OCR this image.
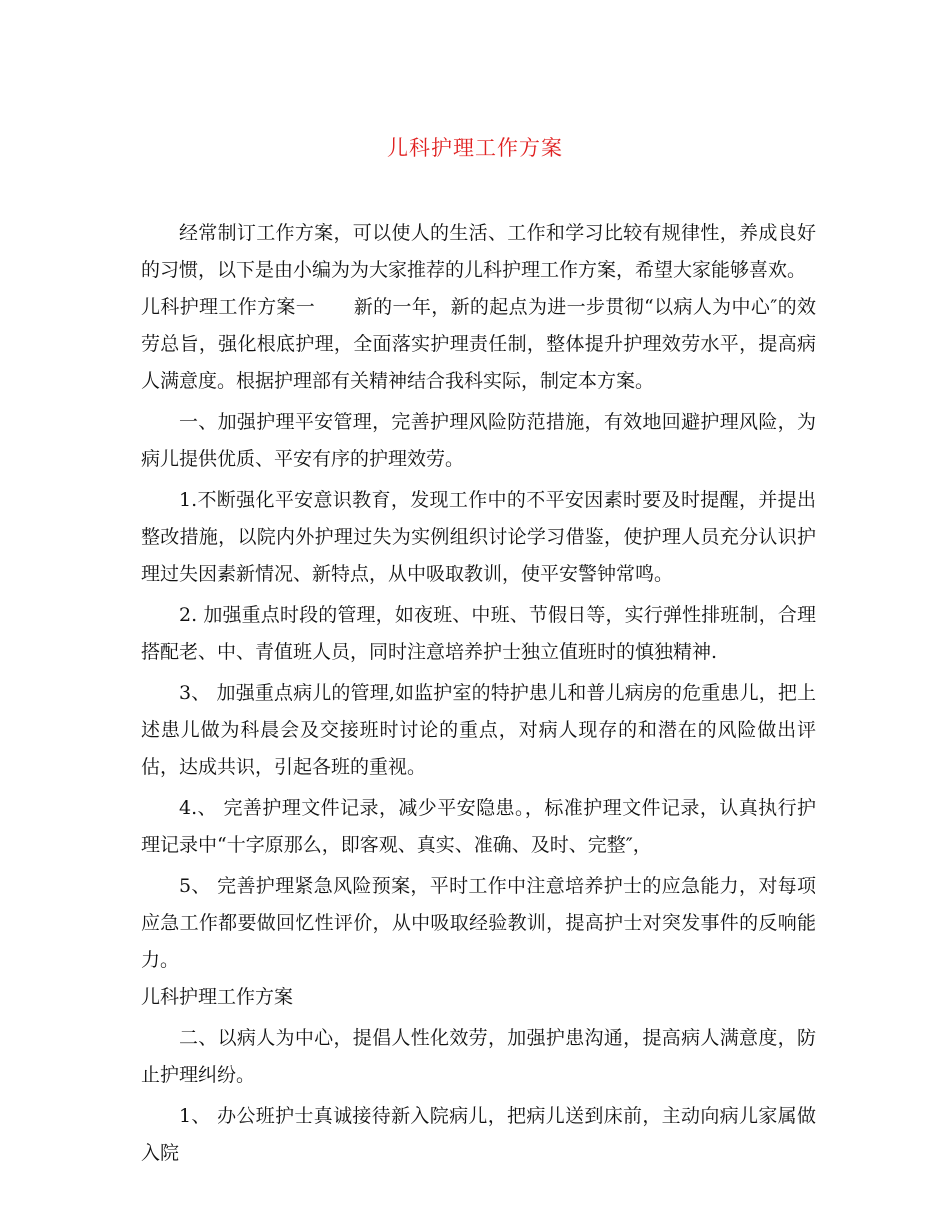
儿科护理工作方案

经常制订工作方案，可以使人的生活、工作和学习比较有规律性，养成良好的习惯，以下是由小编为为大家推荐的儿科护理工作方案，希望大家能够喜欢。

儿科护理工作方案一　　新的一年，新的起点为进一步贯彻“以病人为中心″的效劳总旨，强化根底护理，全面落实护理责任制，整体提升护理效劳水平，提高病人满意度。根据护理部有关精神结合我科实际，制定本方案。

一、加强护理平安管理，完善护理风险防范措施，有效地回避护理风险，为病儿提供优质、平安有序的护理效劳。

1.不断强化平安意识教育，发现工作中的不平安因素时要及时提醒，并提出整改措施，以院内外护理过失为实例组织讨论学习借鉴，使护理人员充分认识护理过失因素新情况、新特点，从中吸取教训，使平安警钟常鸣。

2. 加强重点时段的管理，如夜班、中班、节假日等，实行弹性排班制，合理搭配老、中、青值班人员，同时注意培养护士独立值班时的慎独精神.

3、 加强重点病儿的管理,如监护室的特护患儿和普儿病房的危重患儿，把上述患儿做为科晨会及交接班时讨论的重点，对病人现存的和潜在的风险做出评估，达成共识，引起各班的重视。

4.、 完善护理文件记录，减少平安隐患。，标准护理文件记录，认真执行护理记录中“十字原那么，即客观、真实、准确、及时、完整″，

5、 完善护理紧急风险预案，平时工作中注意培养护士的应急能力，对每项应急工作都要做回忆性评价，从中吸取经验教训，提高护士对突发事件的反响能力。

儿科护理工作方案

二、以病人为中心，提倡人性化效劳，加强护患沟通，提高病人满意度，防止护理纠纷。

1、 办公班护士真诚接待新入院病儿，把病儿送到床前，主动向病儿家属做入院
